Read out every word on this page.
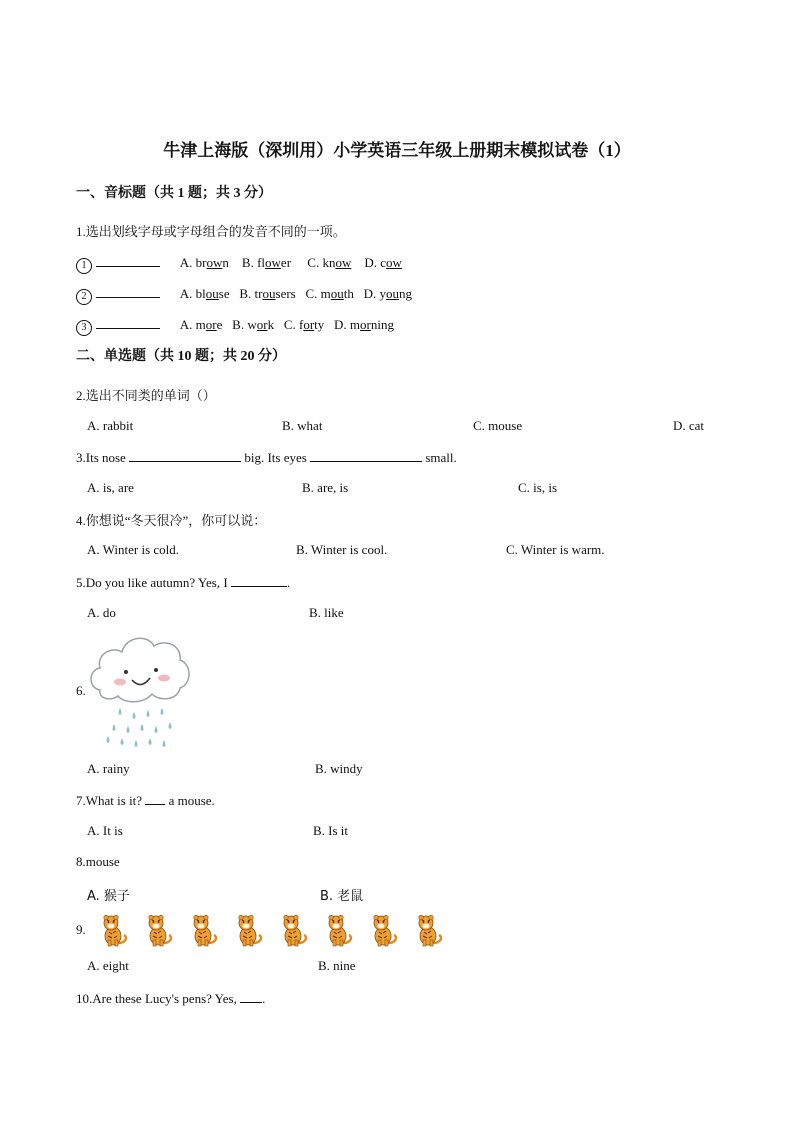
牛津上海版（深圳用）小学英语三年级上册期末模拟试卷（1）
一、音标题（共 1 题；共 3 分）
1.选出划线字母或字母组合的发音不同的一项。
1	A. brown B. flower C. know D. cow
2	A. blouse B. trousers C. mouth D. young
3	A. more B. work C. forty D. morning
二、单选题（共 10 题；共 20 分）
2.选出不同类的单词（）
A. rabbit	B. what	C. mouse	D. cat
3.Its nose	big. Its eyes	small.
A. is, are	B. are, is	C. is, is
4.你想说“冬天很冷”，你可以说：
A. Winter is cold.	B. Winter is cool.	C. Winter is warm.
5.Do you like autumn? Yes, I	.
A. do	B. like
6.
A. rainy	B. windy
7.What is it? a mouse.
A. It is	B. Is it
8.mouse
A. 猴子	B. 老鼠
9.
A. eight	B. nine
10.Are these Lucy's pens? Yes, .
